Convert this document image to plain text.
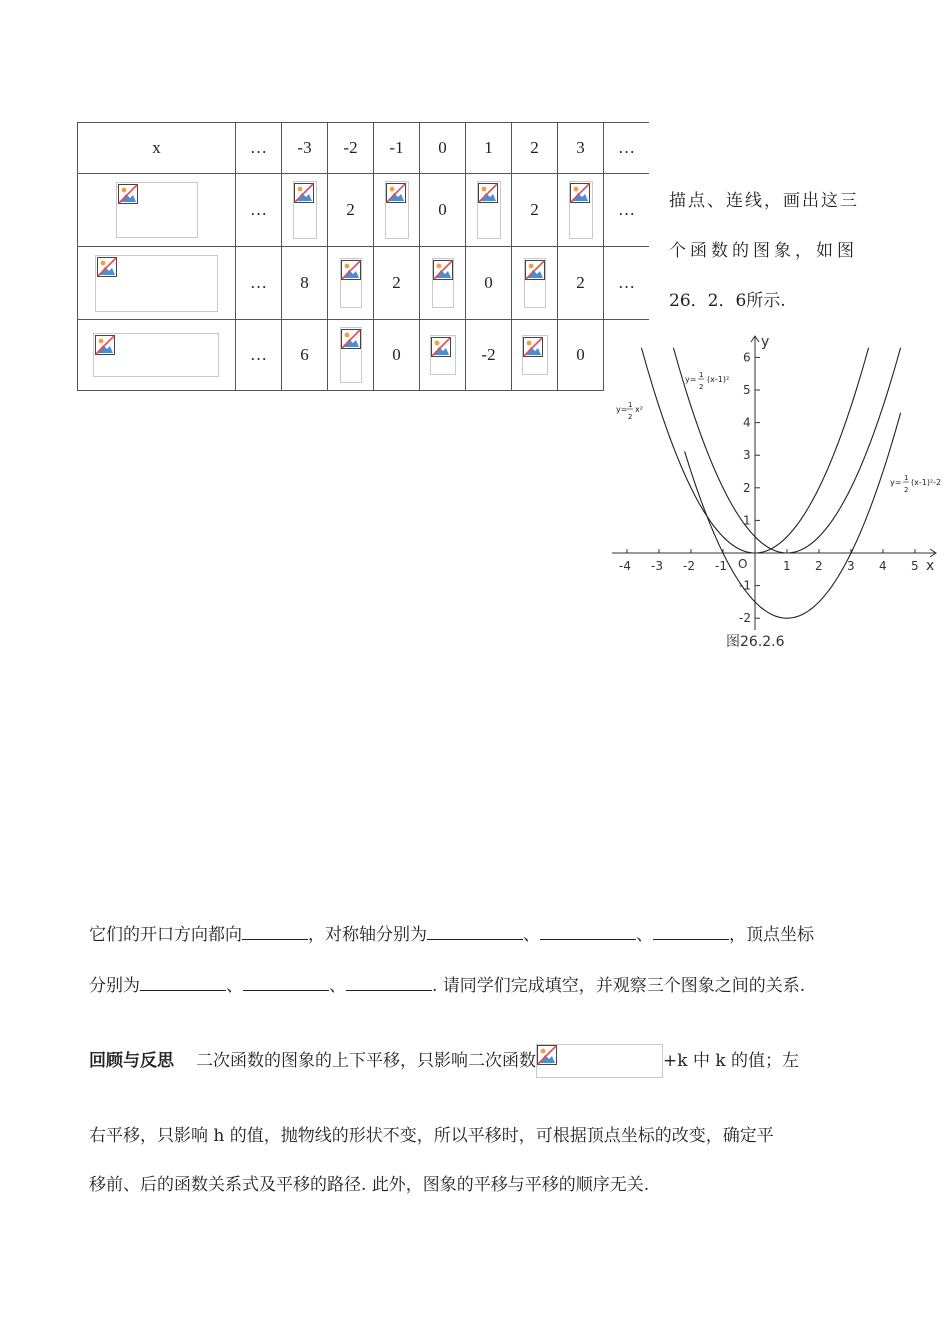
x	…	-3	-2	-1	0	1	2	3	…

	…		2		0		2		…

	…	8		2		0		2	…

	…	6		0		-2		0	
描点、连线，画出这三
个函数的图象，如图
26．2．6所示.
-4 -3 -2 -1	1 2 3 4 5
6
5
4
3
2
1
-1
-2
y
x
O
y= 1
2
x²
y= 1
2
(x-1)²
y= 1
2
(x-1)²-2
图26.2.6
它们的开口方向都向	，对称轴分别为	、	、	，顶点坐标
分别为	、	、	. 请同学们完成填空，并观察三个图象之间的关系.
回顾与反思 二次函数的图象的上下平移，只影响二次函数	+k 中 k 的值；左
右平移，只影响 h 的值，抛物线的形状不变，所以平移时，可根据顶点坐标的改变，确定平
移前、后的函数关系式及平移的路径. 此外，图象的平移与平移的顺序无关.
